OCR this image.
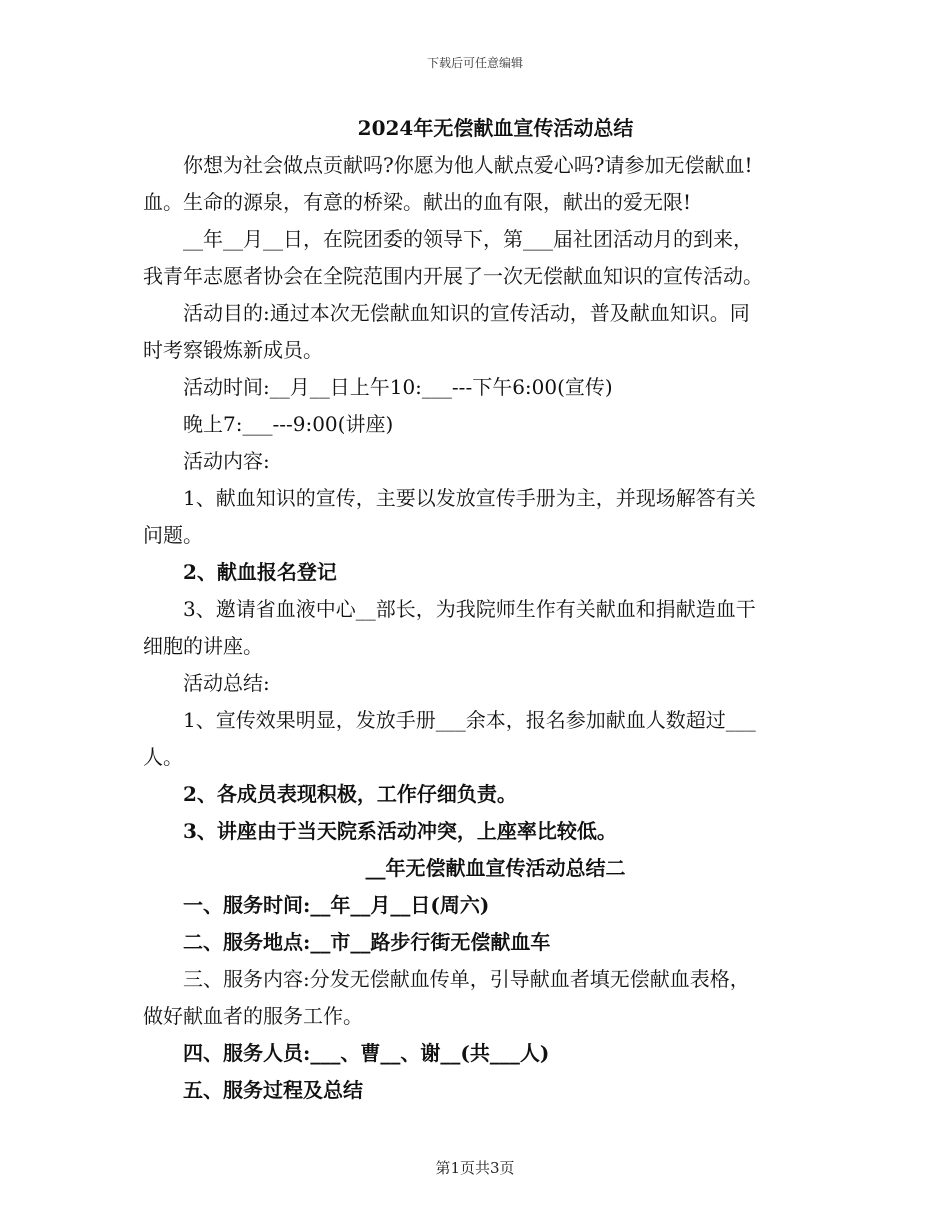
下载后可任意编辑
2024年无偿献血宣传活动总结
你想为社会做点贡献吗?你愿为他人献点爱心吗?请参加无偿献血!
血。生命的源泉，有意的桥梁。献出的血有限，献出的爱无限!
__年__月__日，在院团委的领导下，第___届社团活动月的到来，
我青年志愿者协会在全院范围内开展了一次无偿献血知识的宣传活动。
活动目的:通过本次无偿献血知识的宣传活动，普及献血知识。同
时考察锻炼新成员。
活动时间:__月__日上午10:___---下午6:00(宣传)
晚上7:___---9:00(讲座)
活动内容:
1、献血知识的宣传，主要以发放宣传手册为主，并现场解答有关
问题。
2、献血报名登记
3、邀请省血液中心__部长，为我院师生作有关献血和捐献造血干
细胞的讲座。
活动总结:
1、宣传效果明显，发放手册___余本，报名参加献血人数超过___
人。
2、各成员表现积极，工作仔细负责。
3、讲座由于当天院系活动冲突，上座率比较低。
__年无偿献血宣传活动总结二
一、服务时间:__年__月__日(周六)
二、服务地点:__市__路步行街无偿献血车
三、服务内容:分发无偿献血传单，引导献血者填无偿献血表格，
做好献血者的服务工作。
四、服务人员:___、曹__、谢__(共___人)
五、服务过程及总结
第1页共3页
